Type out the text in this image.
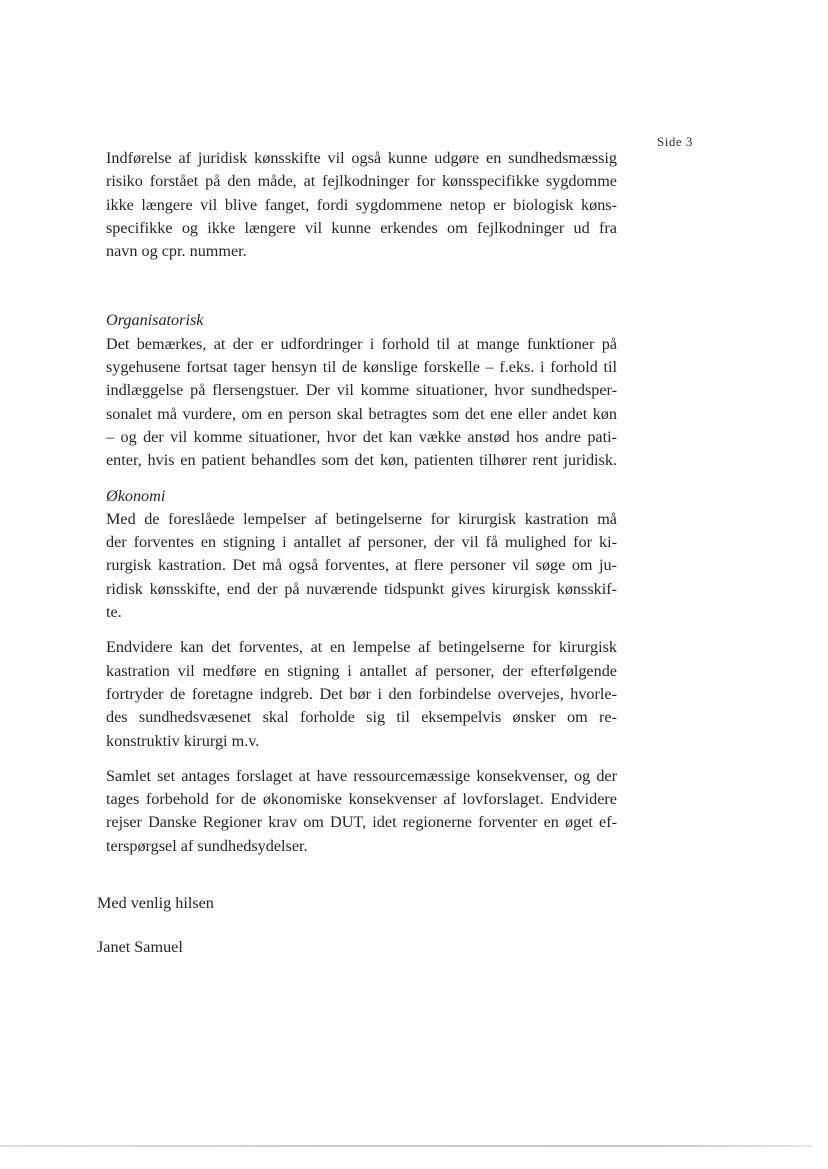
Side 3
Indførelse af juridisk kønsskifte vil også kunne udgøre en sundhedsmæssig
risiko forstået på den måde, at fejlkodninger for kønsspecifikke sygdomme
ikke længere vil blive fanget, fordi sygdommene netop er biologisk køns-
specifikke og ikke længere vil kunne erkendes om fejlkodninger ud fra
navn og cpr. nummer.
Organisatorisk
Det bemærkes, at der er udfordringer i forhold til at mange funktioner på
sygehusene fortsat tager hensyn til de kønslige forskelle – f.eks. i forhold til
indlæggelse på flersengstuer. Der vil komme situationer, hvor sundhedsper-
sonalet må vurdere, om en person skal betragtes som det ene eller andet køn
– og der vil komme situationer, hvor det kan vække anstød hos andre pati-
enter, hvis en patient behandles som det køn, patienten tilhører rent juridisk.
Økonomi
Med de foreslåede lempelser af betingelserne for kirurgisk kastration må
der forventes en stigning i antallet af personer, der vil få mulighed for ki-
rurgisk kastration. Det må også forventes, at flere personer vil søge om ju-
ridisk kønsskifte, end der på nuværende tidspunkt gives kirurgisk kønsskif-
te.
Endvidere kan det forventes, at en lempelse af betingelserne for kirurgisk
kastration vil medføre en stigning i antallet af personer, der efterfølgende
fortryder de foretagne indgreb. Det bør i den forbindelse overvejes, hvorle-
des sundhedsvæsenet skal forholde sig til eksempelvis ønsker om re-
konstruktiv kirurgi m.v.
Samlet set antages forslaget at have ressourcemæssige konsekvenser, og der
tages forbehold for de økonomiske konsekvenser af lovforslaget. Endvidere
rejser Danske Regioner krav om DUT, idet regionerne forventer en øget ef-
terspørgsel af sundhedsydelser.
Med venlig hilsen
Janet Samuel
